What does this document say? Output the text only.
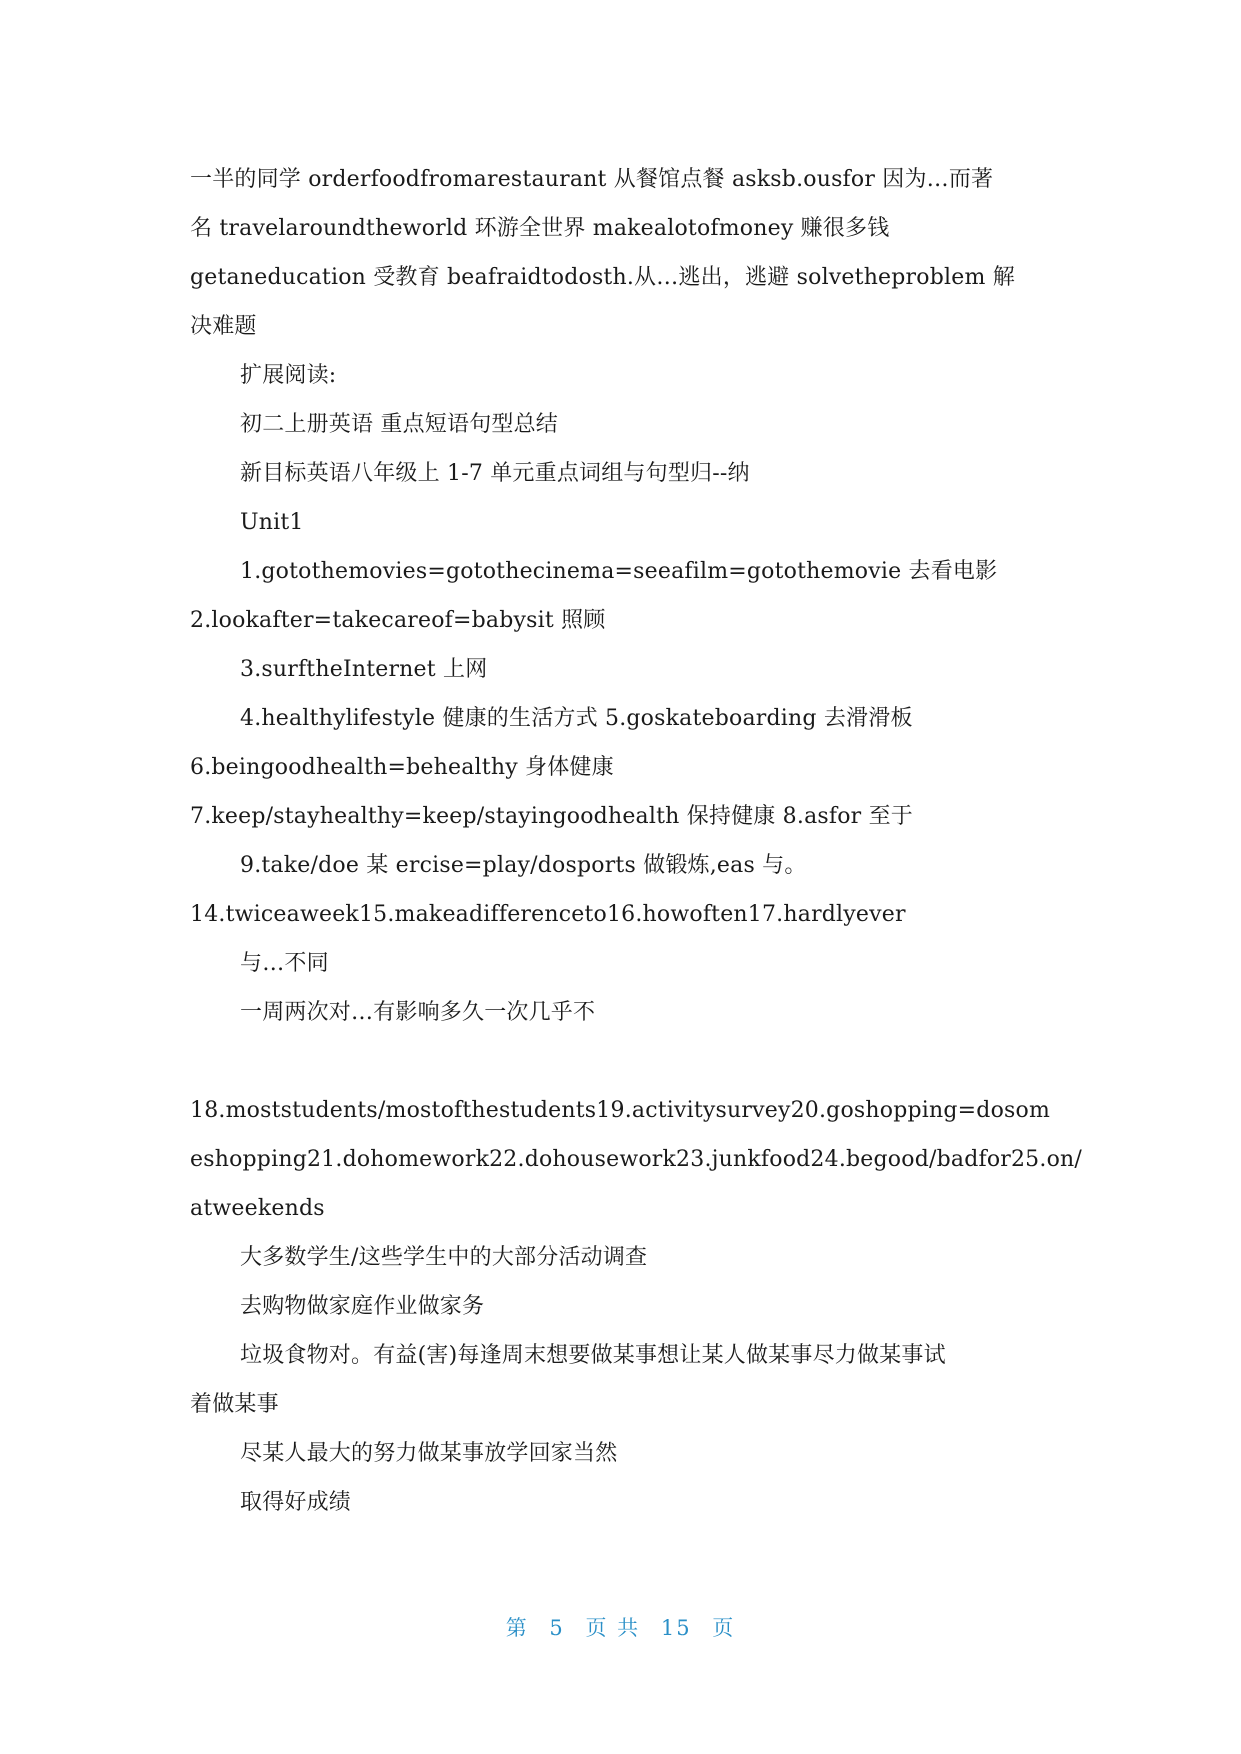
一半的同学 orderfoodfromarestaurant 从餐馆点餐 asksb.ousfor 因为…而著
名 travelaroundtheworld 环游全世界 makealotofmoney 赚很多钱
getaneducation 受教育 beafraidtodosth.从…逃出，逃避 solvetheproblem 解
决难题
扩展阅读:
初二上册英语 重点短语句型总结
新目标英语八年级上 1-7 单元重点词组与句型归--纳
Unit1
1.gotothemovies=gotothecinema=seeafilm=gotothemovie 去看电影
2.lookafter=takecareof=babysit 照顾
3.surftheInternet 上网
4.healthylifestyle 健康的生活方式 5.goskateboarding 去滑滑板
6.beingoodhealth=behealthy 身体健康
7.keep/stayhealthy=keep/stayingoodhealth 保持健康 8.asfor 至于
9.take/doe 某 ercise=play/dosports 做锻炼,eas 与。
14.twiceaweek15.makeadifferenceto16.howoften17.hardlyever
与…不同
一周两次对…有影响多久一次几乎不
18.moststudents/mostofthestudents19.activitysurvey20.goshopping=dosom
eshopping21.dohomework22.dohousework23.junkfood24.begood/badfor25.on/
atweekends
大多数学生/这些学生中的大部分活动调查
去购物做家庭作业做家务
垃圾食物对。有益(害)每逢周末想要做某事想让某人做某事尽力做某事试
着做某事
尽某人最大的努力做某事放学回家当然
取得好成绩
第 5 页 共 15 页
